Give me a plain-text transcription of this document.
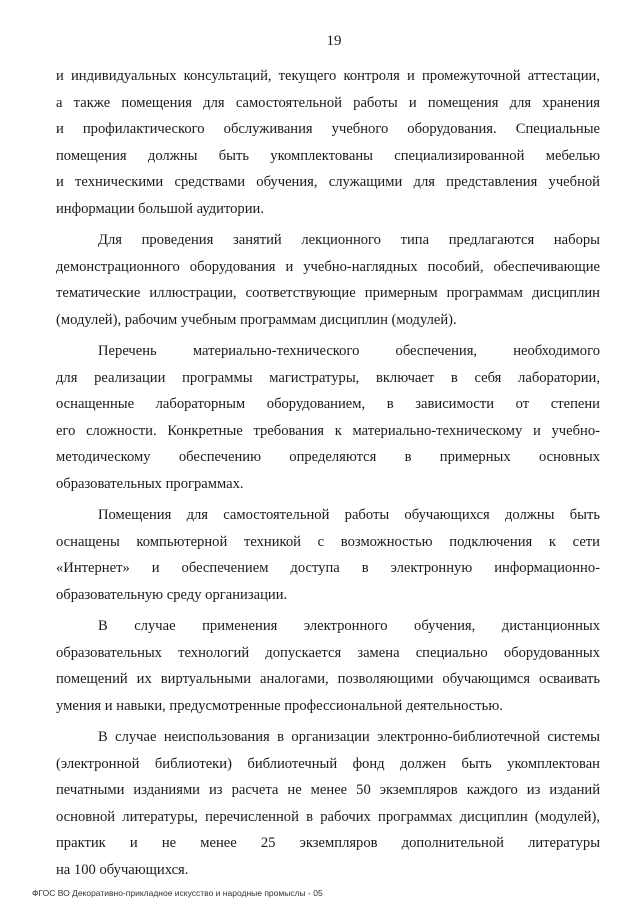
19
и индивидуальных консультаций, текущего контроля и промежуточной аттестации,
а также помещения для самостоятельной работы и помещения для хранения
и профилактического обслуживания учебного оборудования. Специальные
помещения должны быть укомплектованы специализированной мебелью
и техническими средствами обучения, служащими для представления учебной
информации большой аудитории.
Для проведения занятий лекционного типа предлагаются наборы
демонстрационного оборудования и учебно-наглядных пособий, обеспечивающие
тематические иллюстрации, соответствующие примерным программам дисциплин
(модулей), рабочим учебным программам дисциплин (модулей).
Перечень материально-технического обеспечения, необходимого
для реализации программы магистратуры, включает в себя лаборатории,
оснащенные лабораторным оборудованием, в зависимости от степени
его сложности. Конкретные требования к материально-техническому и учебно-
методическому обеспечению определяются в примерных основных
образовательных программах.
Помещения для самостоятельной работы обучающихся должны быть
оснащены компьютерной техникой с возможностью подключения к сети
«Интернет» и обеспечением доступа в электронную информационно-
образовательную среду организации.
В случае применения электронного обучения, дистанционных
образовательных технологий допускается замена специально оборудованных
помещений их виртуальными аналогами, позволяющими обучающимся осваивать
умения и навыки, предусмотренные профессиональной деятельностью.
В случае неиспользования в организации электронно-библиотечной системы
(электронной библиотеки) библиотечный фонд должен быть укомплектован
печатными изданиями из расчета не менее 50 экземпляров каждого из изданий
основной литературы, перечисленной в рабочих программах дисциплин (модулей),
практик и не менее 25 экземпляров дополнительной литературы
на 100 обучающихся.
ФГОС ВО Декоративно-прикладное искусство и народные промыслы - 05
